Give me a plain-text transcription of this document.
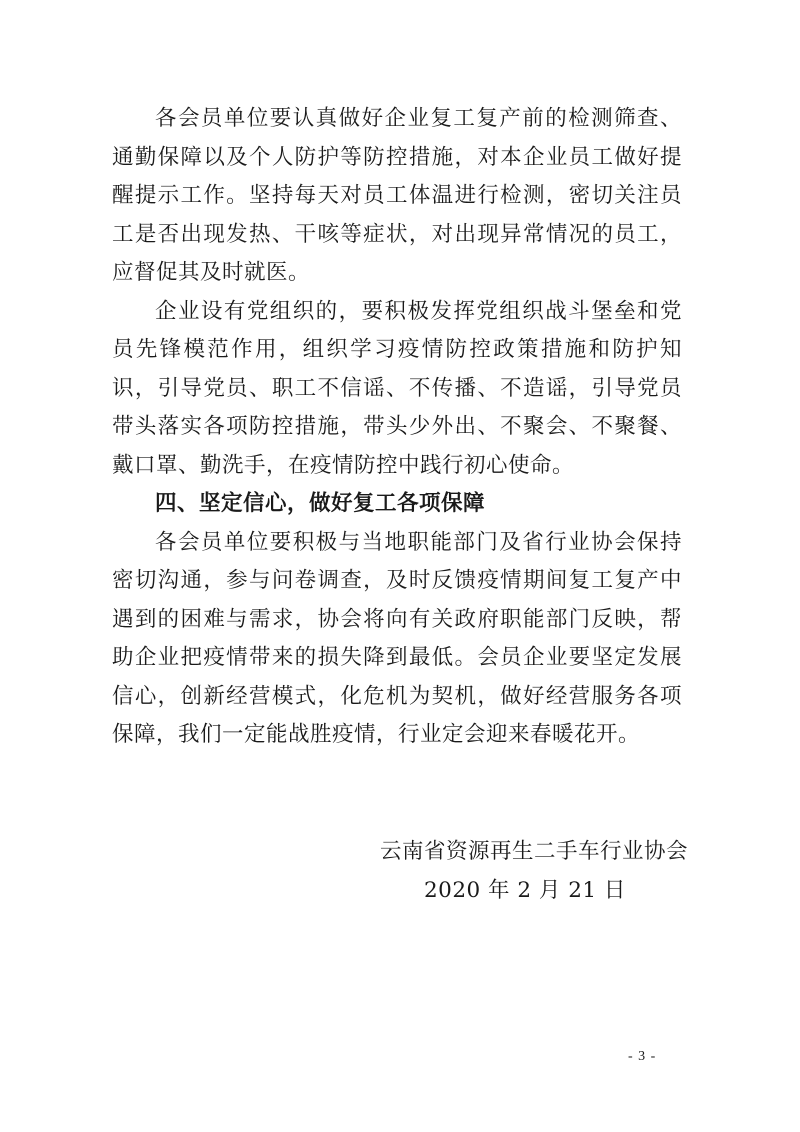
各会员单位要认真做好企业复工复产前的检测筛查、通勤保障以及个人防护等防控措施，对本企业员工做好提醒提示工作。坚持每天对员工体温进行检测，密切关注员工是否出现发热、干咳等症状，对出现异常情况的员工，应督促其及时就医。

企业设有党组织的，要积极发挥党组织战斗堡垒和党员先锋模范作用，组织学习疫情防控政策措施和防护知识，引导党员、职工不信谣、不传播、不造谣，引导党员带头落实各项防控措施，带头少外出、不聚会、不聚餐、戴口罩、勤洗手，在疫情防控中践行初心使命。

四、坚定信心，做好复工各项保障

各会员单位要积极与当地职能部门及省行业协会保持密切沟通，参与问卷调查，及时反馈疫情期间复工复产中遇到的困难与需求，协会将向有关政府职能部门反映，帮助企业把疫情带来的损失降到最低。会员企业要坚定发展信心，创新经营模式，化危机为契机，做好经营服务各项保障，我们一定能战胜疫情，行业定会迎来春暖花开。

云南省资源再生二手车行业协会
2020 年 2 月 21 日
- 3 -
